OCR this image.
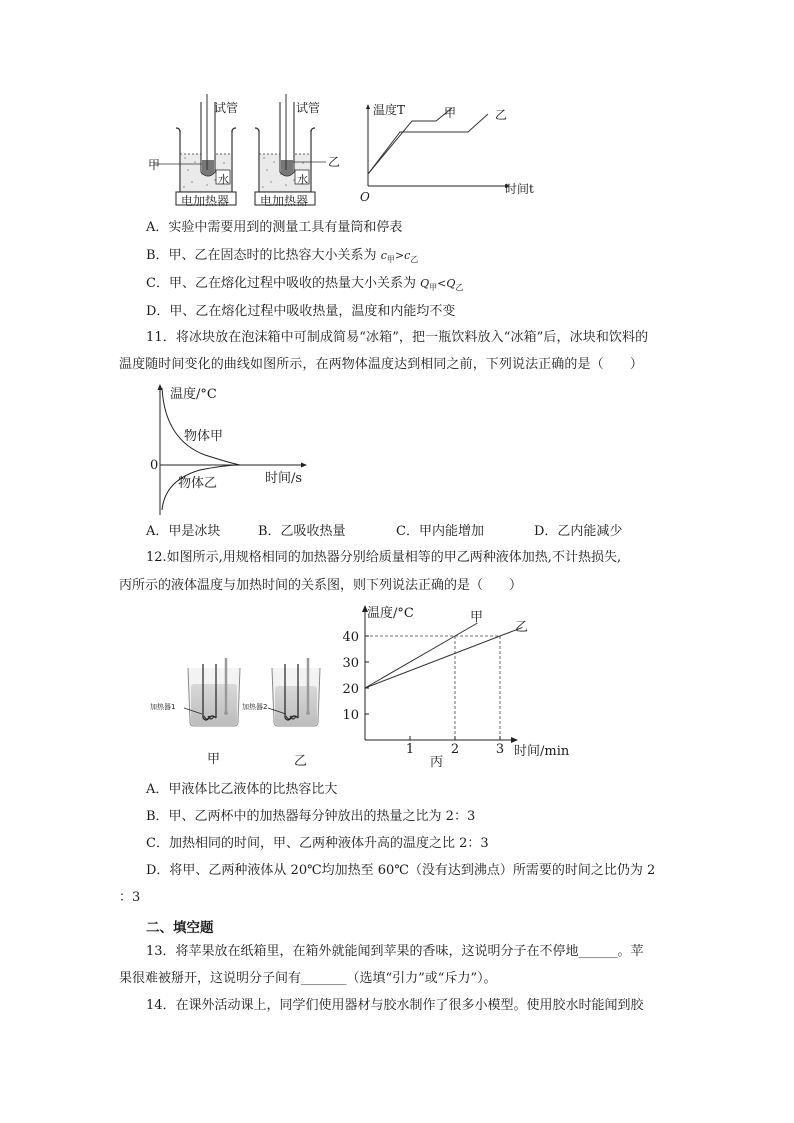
试管	试管
甲	乙
水	水
电加热器	电加热器
温度T	甲	乙
O
时间t
A．实验中需要用到的测量工具有量筒和停表
B．甲、乙在固态时的比热容大小关系为 $c_甲>c_乙$
C．甲、乙在熔化过程中吸收的热量大小关系为 $Q_甲<Q_乙$
D．甲、乙在熔化过程中吸收热量，温度和内能均不变
11．将冰块放在泡沫箱中可制成简易“冰箱”，把一瓶饮料放入“冰箱”后，冰块和饮料的
温度随时间变化的曲线如图所示，在两物体温度达到相同之前，下列说法正确的是（　　）
温度/°C
物体甲
0
物体乙	时间/s
A．甲是冰块	B．乙吸收热量	C．甲内能增加	D．乙内能减少
12.如图所示,用规格相同的加热器分别给质量相等的甲乙两种液体加热,不计热损失,
丙所示的液体温度与加热时间的关系图，则下列说法正确的是（　　）
加热器1	加热器2
甲	乙
10
20
30
40
1	2	3
温度/°C
时间/min
甲
乙
丙
A．甲液体比乙液体的比热容比大
B．甲、乙两杯中的加热器每分钟放出的热量之比为 2：3
C．加热相同的时间，甲、乙两种液体升高的温度之比 2：3
D．将甲、乙两种液体从 20℃均加热至 60℃（没有达到沸点）所需要的时间之比仍为 2
：3
二、填空题
13．将苹果放在纸箱里，在箱外就能闻到苹果的香味，这说明分子在不停地______。苹
果很难被掰开，这说明分子间有_______（选填“引力”或“斥力”）。
14．在课外活动课上，同学们使用器材与胶水制作了很多小模型。使用胶水时能闻到胶
